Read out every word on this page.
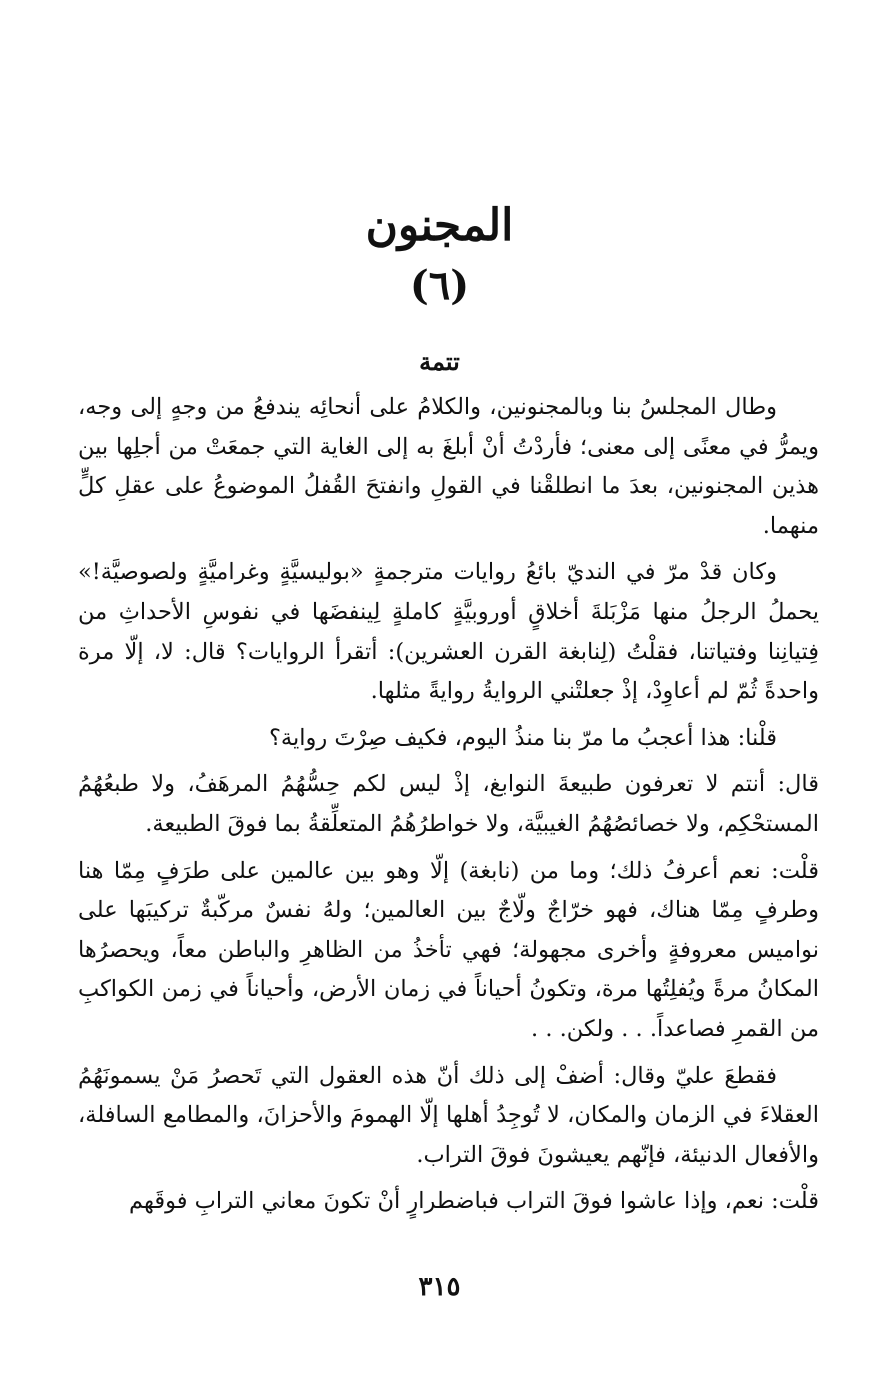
المجنون
(٦)
تتمة

وطال المجلسُ بنا وبالمجنونين، والكلامُ على أنحائِه يندفعُ من وجهٍ إلى وجه، ويمرُّ في معنًى إلى معنى؛ فأردْتُ أنْ أبلغَ به إلى الغاية التي جمعَتْ من أجلِها بين هذين المجنونين، بعدَ ما انطلقْنا في القولِ وانفتحَ القُفلُ الموضوعُ على عقلِ كلٍّ منهما.

وكان قدْ مرّ في النديّ بائعُ روايات مترجمةٍ «بوليسيَّةٍ وغراميَّةٍ ولصوصيَّة!» يحملُ الرجلُ منها مَزْبَلةَ أخلاقٍ أوروبيَّةٍ كاملةٍ لِينفضَها في نفوسِ الأحداثِ من فِتيانِنا وفتياتنا، فقلْتُ (لِنابغة القرن العشرين): أتقرأ الروايات؟ قال: لا، إلّا مرة واحدةً ثُمّ لم أعاوِدْ، إذْ جعلتْني الروايةُ روايةً مثلها.

قلْنا: هذا أعجبُ ما مرّ بنا منذُ اليوم، فكيف صِرْتَ رواية؟

قال: أنتم لا تعرفون طبيعةَ النوابغ، إذْ ليس لكم حِسُّهُمُ المرهَفُ، ولا طبعُهُمُ المستحْكِم، ولا خصائصُهُمُ الغيبيَّة، ولا خواطرُهُمُ المتعلِّقةُ بما فوقَ الطبيعة.

قلْت: نعم أعرفُ ذلك؛ وما من (نابغة) إلّا وهو بين عالمين على طرَفٍ مِمّا هنا وطرفٍ مِمّا هناك، فهو خرّاجٌ ولّاجٌ بين العالمين؛ ولهُ نفسٌ مركّبةٌ تركيبَها على نواميس معروفةٍ وأخرى مجهولة؛ فهي تأخذُ من الظاهرِ والباطن معاً، ويحصرُها المكانُ مرةً ويُفلِتُها مرة، وتكونُ أحياناً في زمان الأرض، وأحياناً في زمن الكواكبِ من القمرِ فصاعداً. . . ولكن. . .

فقطعَ عليّ وقال: أضفْ إلى ذلك أنّ هذه العقول التي تَحصرُ مَنْ يسمونَهُمُ العقلاءَ في الزمان والمكان، لا تُوجِدُ أهلها إلّا الهمومَ والأحزانَ، والمطامع السافلة، والأفعال الدنيئة، فإنّهم يعيشونَ فوقَ التراب.

قلْت: نعم، وإذا عاشوا فوقَ التراب فباضطرارٍ أنْ تكونَ معاني الترابِ فوقَهم

٣١٥
